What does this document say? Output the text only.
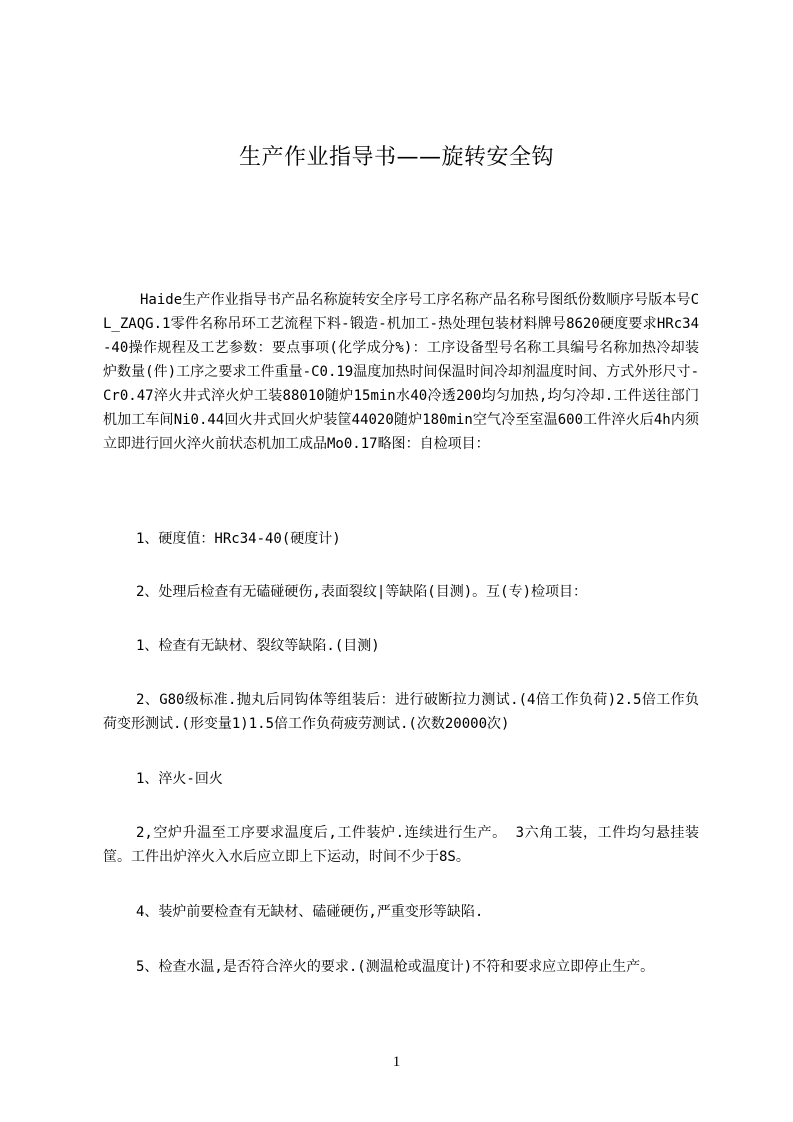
生产作业指导书——旋转安全钩

Haide生产作业指导书产品名称旋转安全序号工序名称产品名称号图纸份数顺序号版本号CL_ZAQG.1零件名称吊环工艺流程下料-锻造-机加工-热处理包装材料牌号8620硬度要求HRc34-40操作规程及工艺参数：要点事项(化学成分%)：工序设备型号名称工具编号名称加热冷却装炉数量(件)工序之要求工件重量-C0.19温度加热时间保温时间冷却剂温度时间、方式外形尺寸-Cr0.47淬火井式淬火炉工装88010随炉15min水40冷透200均匀加热,均匀冷却.工件送往部门机加工车间Ni0.44回火井式回火炉装筐44020随炉180min空气冷至室温600工件淬火后4h内须立即进行回火淬火前状态机加工成品Mo0.17略图：自检项目：

1、硬度值：HRc34-40(硬度计)

2、处理后检查有无磕碰硬伤,表面裂纹|等缺陷(目测)。互(专)检项目：

1、检查有无缺材、裂纹等缺陷.(目测)

2、G80级标准.抛丸后同钩体等组装后：进行破断拉力测试.(4倍工作负荷)2.5倍工作负荷变形测试.(形变量1)1.5倍工作负荷疲劳测试.(次数20000次)

1、淬火-回火

2,空炉升温至工序要求温度后,工件装炉.连续进行生产。 3六角工装，工件均匀悬挂装筐。工件出炉淬火入水后应立即上下运动，时间不少于8S。

4、装炉前要检查有无缺材、磕碰硬伤,严重变形等缺陷.

5、检查水温,是否符合淬火的要求.(测温枪或温度计)不符和要求应立即停止生产。

1
